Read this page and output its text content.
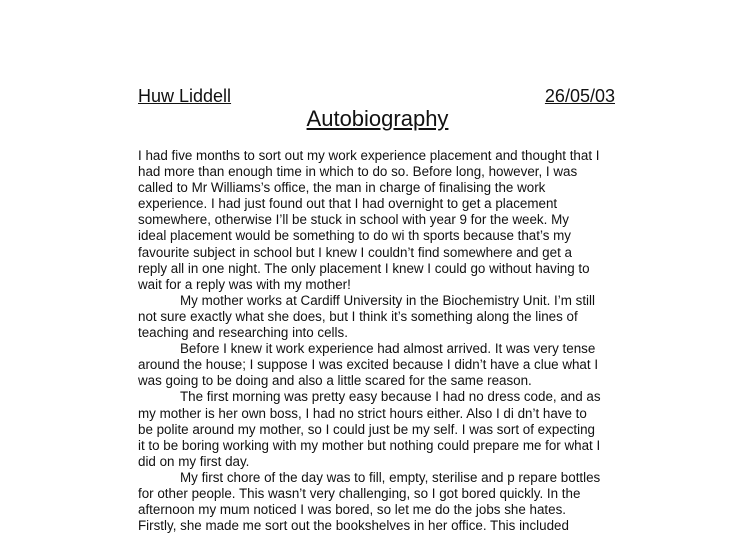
Huw Liddell	26/05/03
Autobiography
I had five months to sort out my work experience placement and thought that I
had more than enough time in which to do so. Before long, however, I was
called to Mr Williams’s office, the man in charge of finalising the work
experience. I had just found out that I had overnight to get a placement
somewhere, otherwise I’ll be stuck in school with year 9 for the week. My
ideal placement would be something to do wi th sports because that’s my
favourite subject in school but I knew I couldn’t find somewhere and get a
reply all in one night. The only placement I knew I could go without having to
wait for a reply was with my mother!
My mother works at Cardiff University in the Biochemistry Unit. I’m still
not sure exactly what she does, but I think it’s something along the lines of
teaching and researching into cells.
Before I knew it work experience had almost arrived. It was very tense
around the house; I suppose I was excited because I didn’t have a clue what I
was going to be doing and also a little scared for the same reason.
The first morning was pretty easy because I had no dress code, and as
my mother is her own boss, I had no strict hours either. Also I di dn’t have to
be polite around my mother, so I could just be my self. I was sort of expecting
it to be boring working with my mother but nothing could prepare me for what I
did on my first day.
My first chore of the day was to fill, empty, sterilise and p repare bottles
for other people. This wasn’t very challenging, so I got bored quickly. In the
afternoon my mum noticed I was bored, so let me do the jobs she hates.
Firstly, she made me sort out the bookshelves in her office. This included
